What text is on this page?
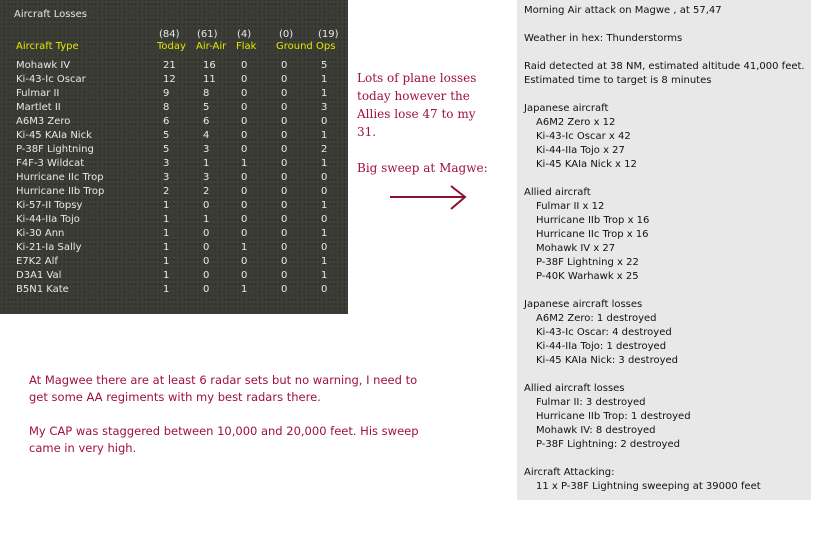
Aircraft Losses
(84) (61) (4)	(0) (19)
Aircraft Type	Today Air-Air Flak Ground Ops
Mohawk IV	21	16	0	0	5
Ki-43-Ic Oscar	12	11	0	0	1
Fulmar II	9	8	0	0	1
Martlet II	8	5	0	0	3
A6M3 Zero	6	6	0	0	0
Ki-45 KAIa Nick	5	4	0	0	1
P-38F Lightning	5	3	0	0	2
F4F-3 Wildcat	3	1	1	0	1
Hurricane IIc Trop	3	3	0	0	0
Hurricane IIb Trop	2	2	0	0	0
Ki-57-II Topsy	1	0	0	0	1
Ki-44-IIa Tojo	1	1	0	0	0
Ki-30 Ann	1	0	0	0	1
Ki-21-Ia Sally	1	0	1	0	0
E7K2 Alf	1	0	0	0	1
D3A1 Val	1	0	0	0	1
B5N1 Kate	1	0	1	0	0
Lots of plane losses
today however the
Allies lose 47 to my
31.
Big sweep at Magwe:

At Magwee there are at least 6 radar sets but no warning, I need to get some AA regiments with my best radars there.

My CAP was staggered between 10,000 and 20,000 feet. His sweep came in very high.

Morning Air attack on Magwe , at 57,47
Weather in hex: Thunderstorms
Raid detected at 38 NM, estimated altitude 41,000 feet.
Estimated time to target is 8 minutes
Japanese aircraft
A6M2 Zero x 12
Ki-43-Ic Oscar x 42
Ki-44-IIa Tojo x 27
Ki-45 KAIa Nick x 12
Allied aircraft
Fulmar II x 12
Hurricane IIb Trop x 16
Hurricane IIc Trop x 16
Mohawk IV x 27
P-38F Lightning x 22
P-40K Warhawk x 25
Japanese aircraft losses
A6M2 Zero: 1 destroyed
Ki-43-Ic Oscar: 4 destroyed
Ki-44-IIa Tojo: 1 destroyed
Ki-45 KAIa Nick: 3 destroyed
Allied aircraft losses
Fulmar II: 3 destroyed
Hurricane IIb Trop: 1 destroyed
Mohawk IV: 8 destroyed
P-38F Lightning: 2 destroyed
Aircraft Attacking:
11 x P-38F Lightning sweeping at 39000 feet
